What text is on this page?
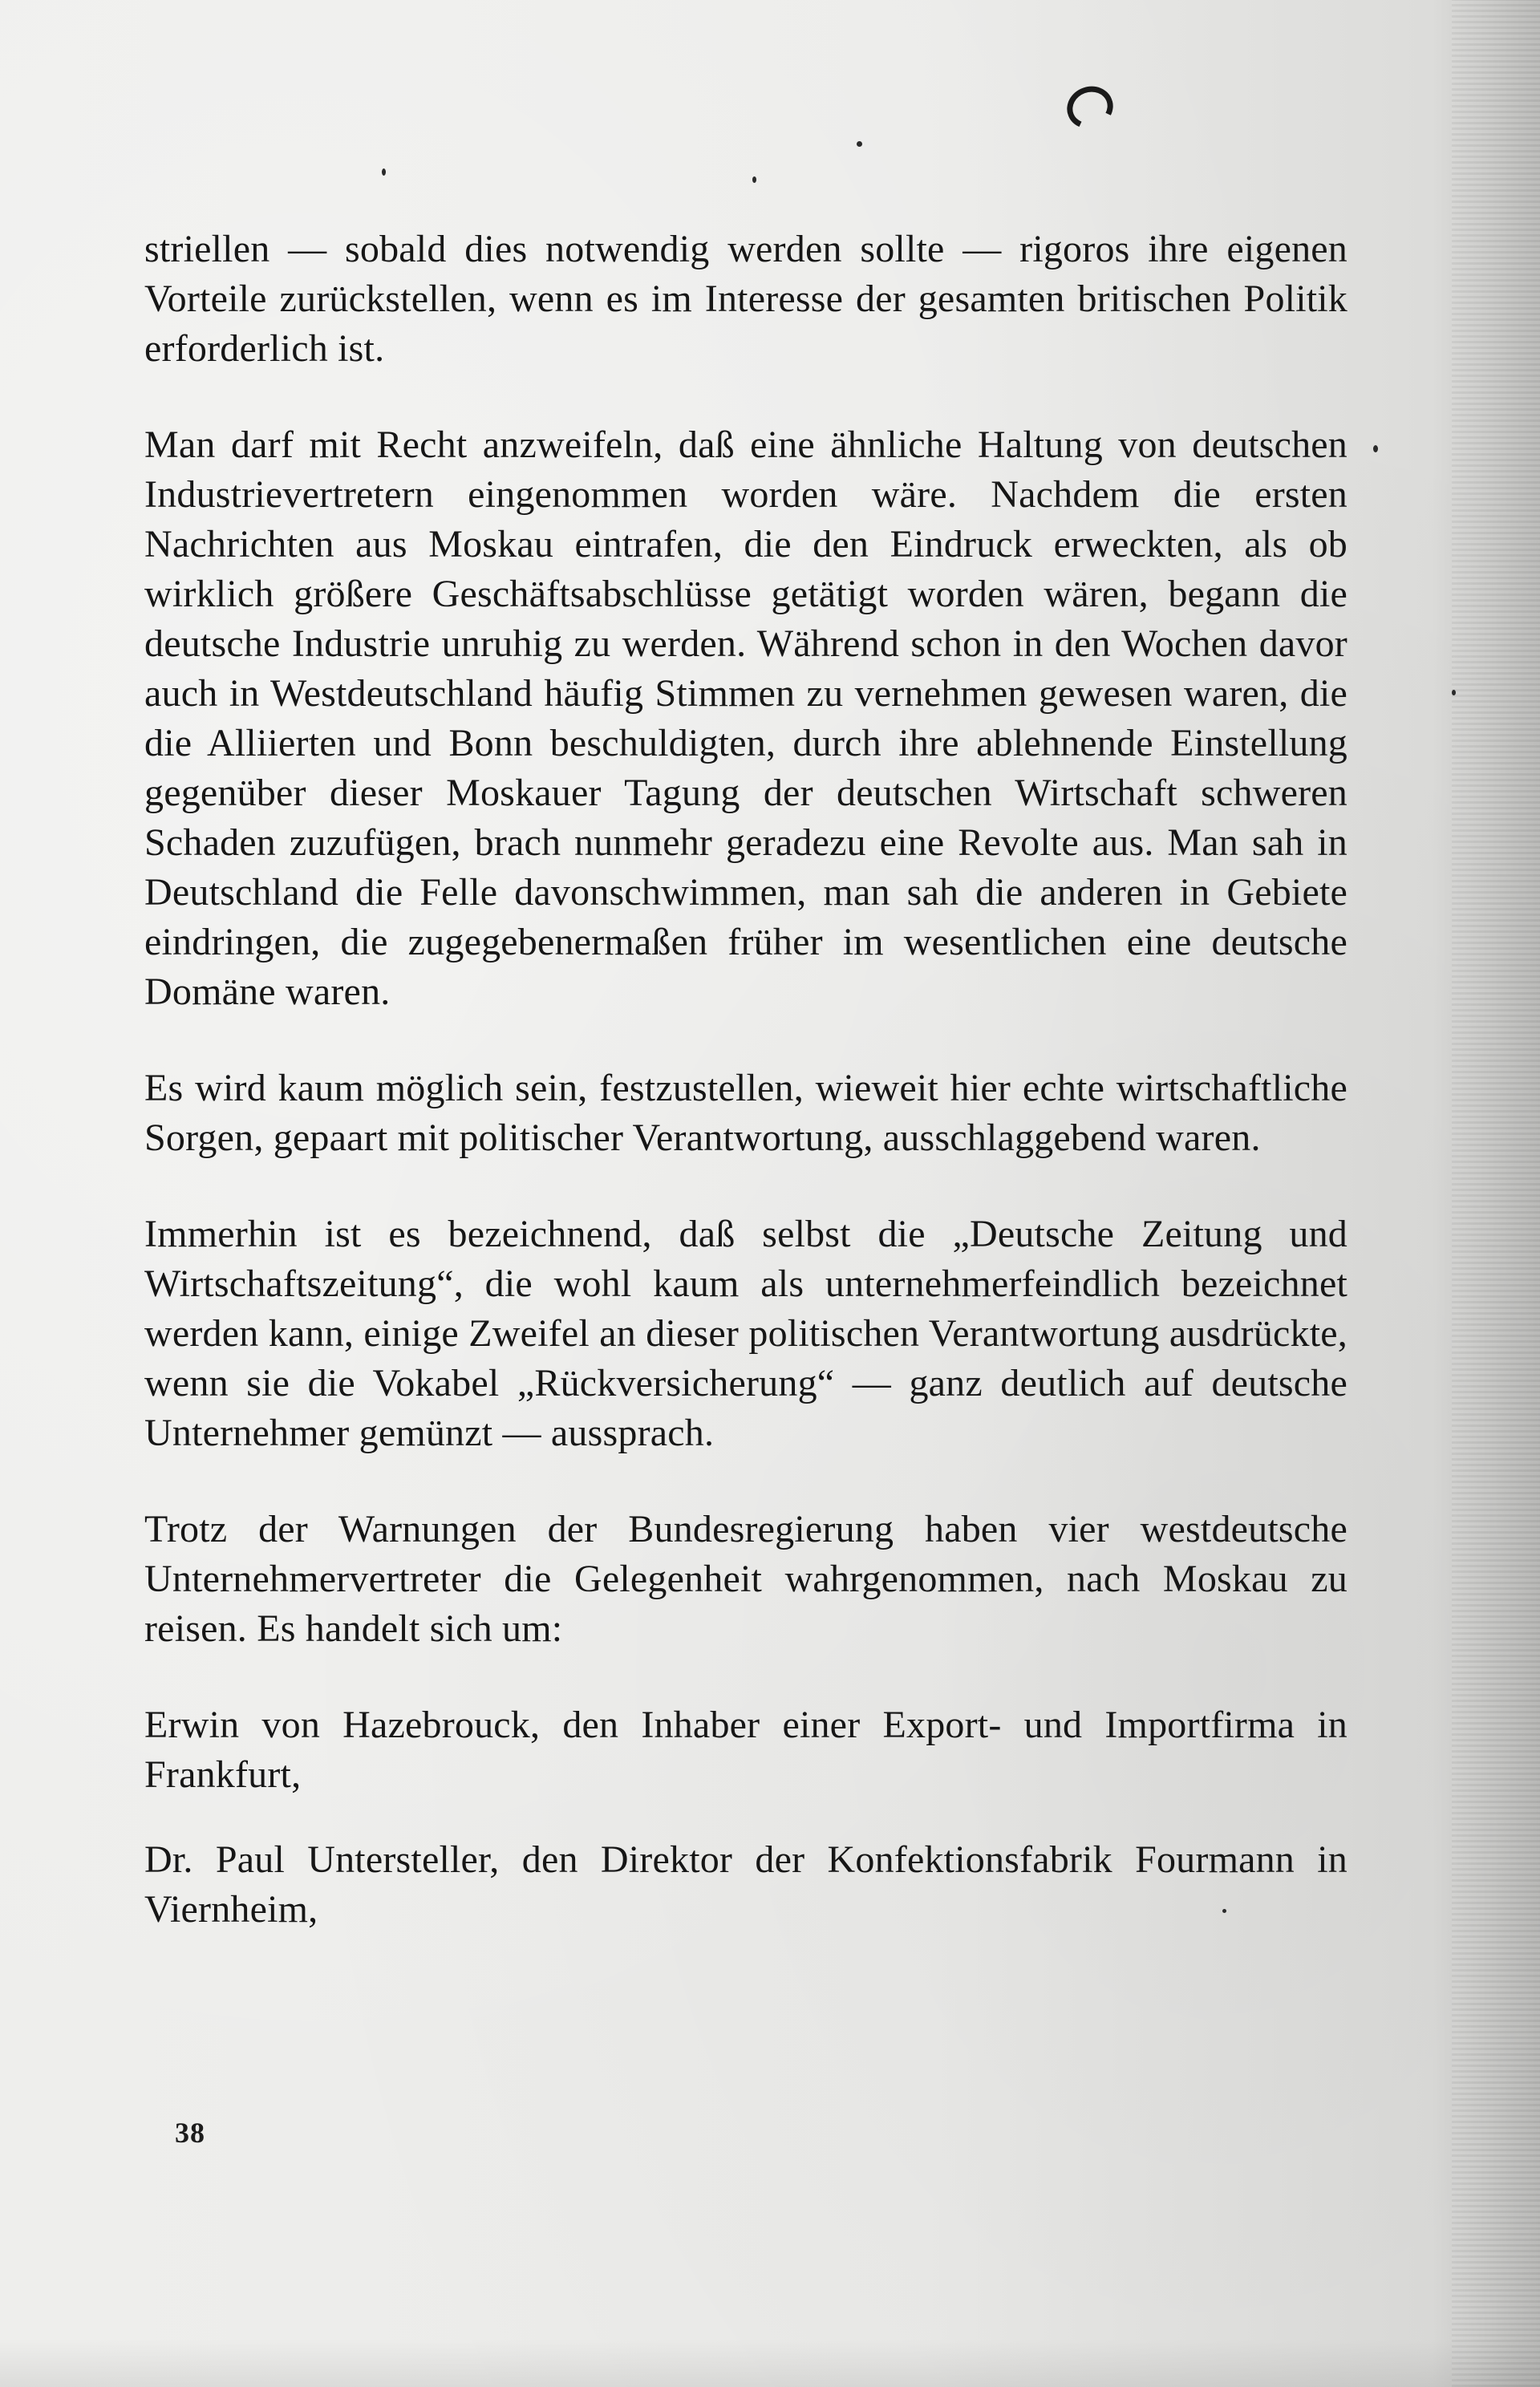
striellen — sobald dies notwendig werden sollte — rigoros ihre eigenen Vorteile zurückstellen, wenn es im Interesse der gesamten britischen Politik erforderlich ist.

Man darf mit Recht anzweifeln, daß eine ähnliche Haltung von deutschen Industrievertretern eingenommen worden wäre. Nachdem die ersten Nachrichten aus Moskau eintrafen, die den Eindruck erweckten, als ob wirklich größere Geschäftsabschlüsse getätigt worden wären, begann die deutsche Industrie unruhig zu werden. Während schon in den Wochen davor auch in Westdeutschland häufig Stimmen zu vernehmen gewesen waren, die die Alliierten und Bonn beschuldigten, durch ihre ablehnende Einstellung gegenüber dieser Moskauer Tagung der deutschen Wirtschaft schweren Schaden zuzufügen, brach nunmehr geradezu eine Revolte aus. Man sah in Deutschland die Felle davonschwimmen, man sah die anderen in Gebiete eindringen, die zugegebenermaßen früher im wesentlichen eine deutsche Domäne waren.

Es wird kaum möglich sein, festzustellen, wieweit hier echte wirtschaftliche Sorgen, gepaart mit politischer Verantwortung, ausschlaggebend waren.

Immerhin ist es bezeichnend, daß selbst die „Deutsche Zeitung und Wirtschaftszeitung“, die wohl kaum als unternehmerfeindlich bezeichnet werden kann, einige Zweifel an dieser politischen Verantwortung ausdrückte, wenn sie die Vokabel „Rückversicherung“ — ganz deutlich auf deutsche Unternehmer gemünzt — aussprach.

Trotz der Warnungen der Bundesregierung haben vier westdeutsche Unternehmervertreter die Gelegenheit wahrgenommen, nach Moskau zu reisen. Es handelt sich um:

Erwin von Hazebrouck, den Inhaber einer Export- und Importfirma in Frankfurt,

Dr. Paul Untersteller, den Direktor der Konfektionsfabrik Fourmann in Viernheim,

38
